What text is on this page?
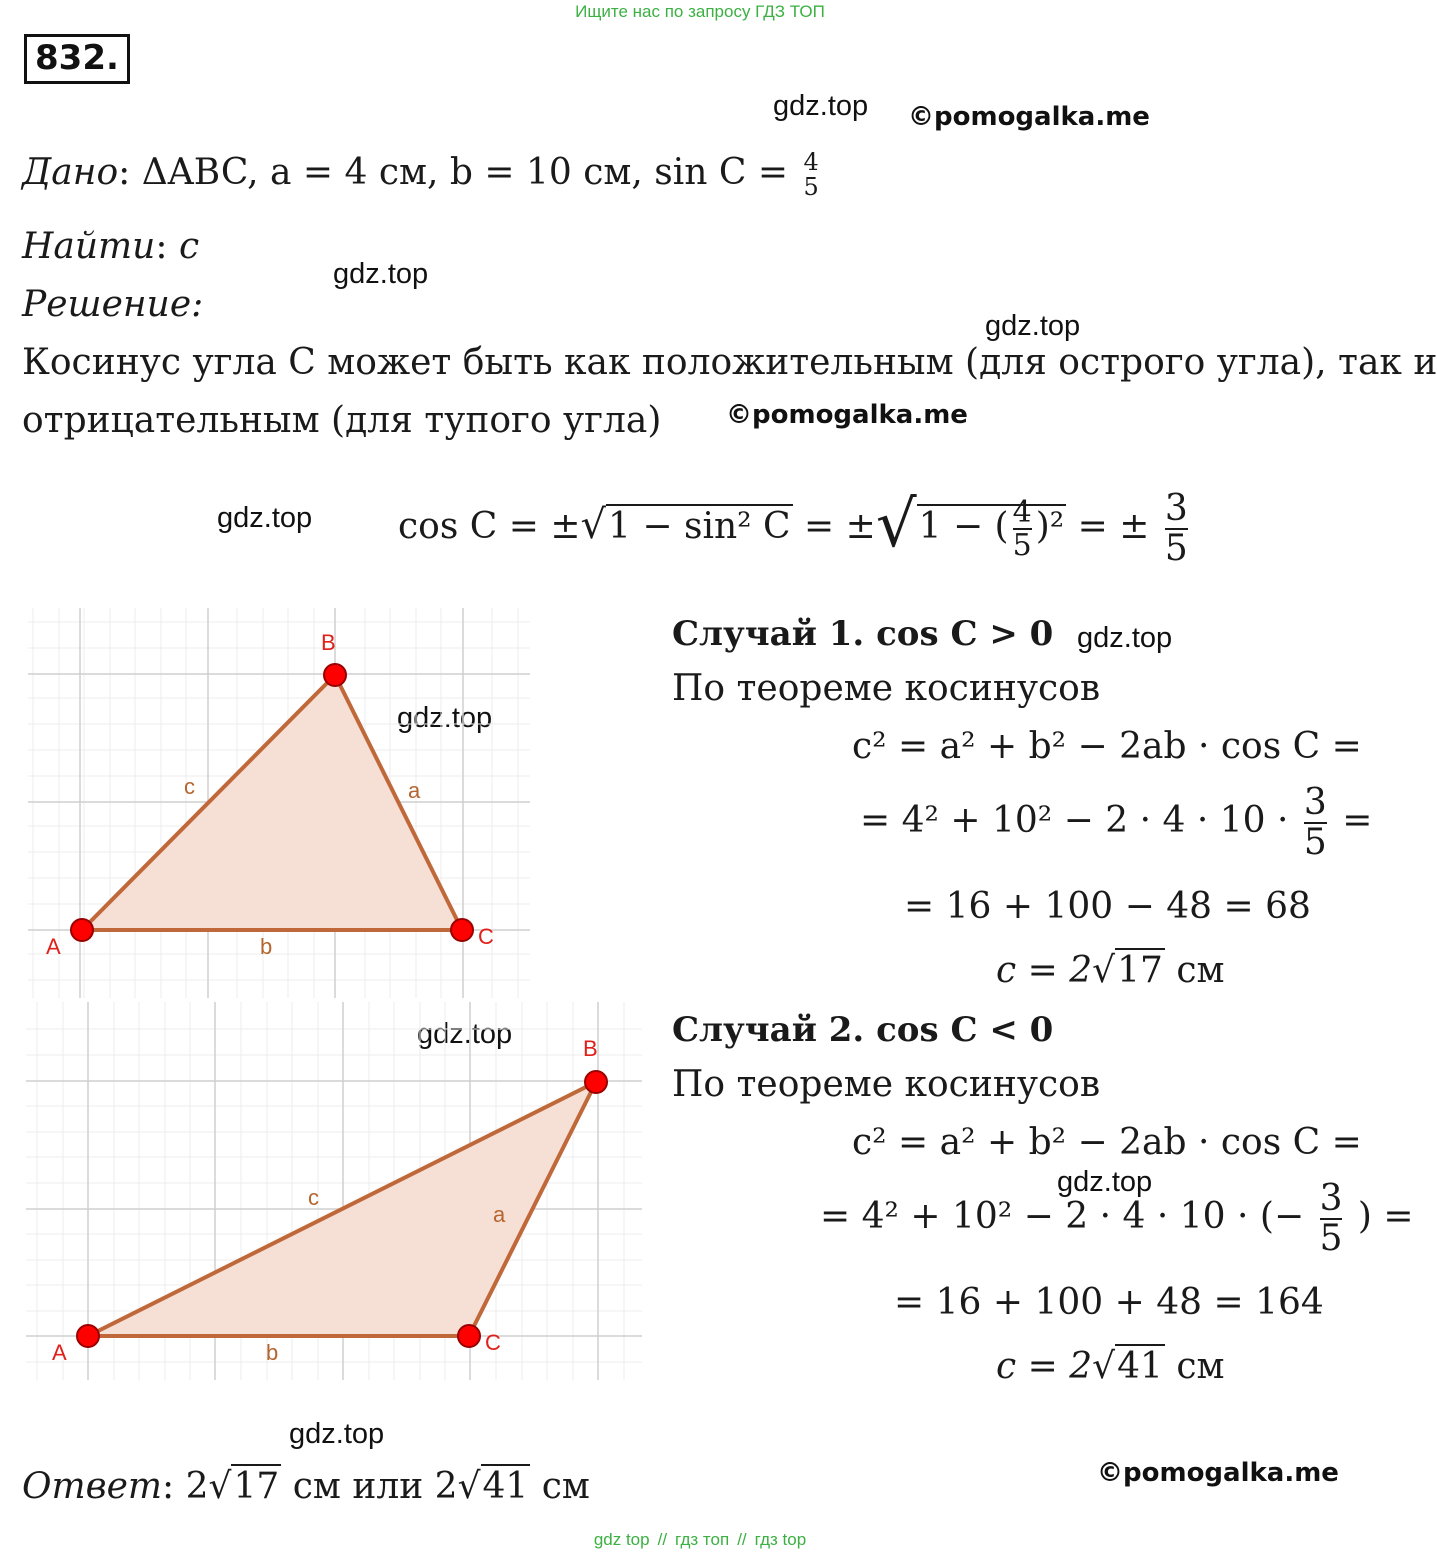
Ищите нас по запросу ГДЗ ТОП
832.
gdz.top ©pomogalka.me
gdz.top
gdz.top
©pomogalka.me
gdz.top
gdz.top
gdz.top
gdz.top
gdz.top
gdz.top
©pomogalka.me
Дано: ΔABC, a = 4 см, b = 10 см, sin C = 4
5
Найти: c
Решение:
Косинус угла C может быть как положительным (для острого угла), так и
отрицательным (для тупого угла)
cos C = ±√1 − sin² C = ±√1 − ( $\frac{4}{5} )^2$ = ± $\frac{3}{5}$
A
B
C
c	a
b
A
B
C
c
a
b
Случай 1. cos C > 0
По теореме косинусов
c² = a² + b² − 2ab · cos C =
= $4^2 + 10^2 - 2 \cdot 4 \cdot 10 \cdot \frac{3}{5}$ =
= 16 + 100 − 48 = 68
c = 2√17 см
Случай 2. cos C < 0
По теореме косинусов
c² = a² + b² − 2ab · cos C =
= 4² + 10² − 2 · 4 · 10 · (− $\frac{3}{5}$ ) =
= 16 + 100 + 48 = 164
c = 2√41 см
Ответ: 2√17 см или 2√41 см
gdz top // гдз топ // гдз top
